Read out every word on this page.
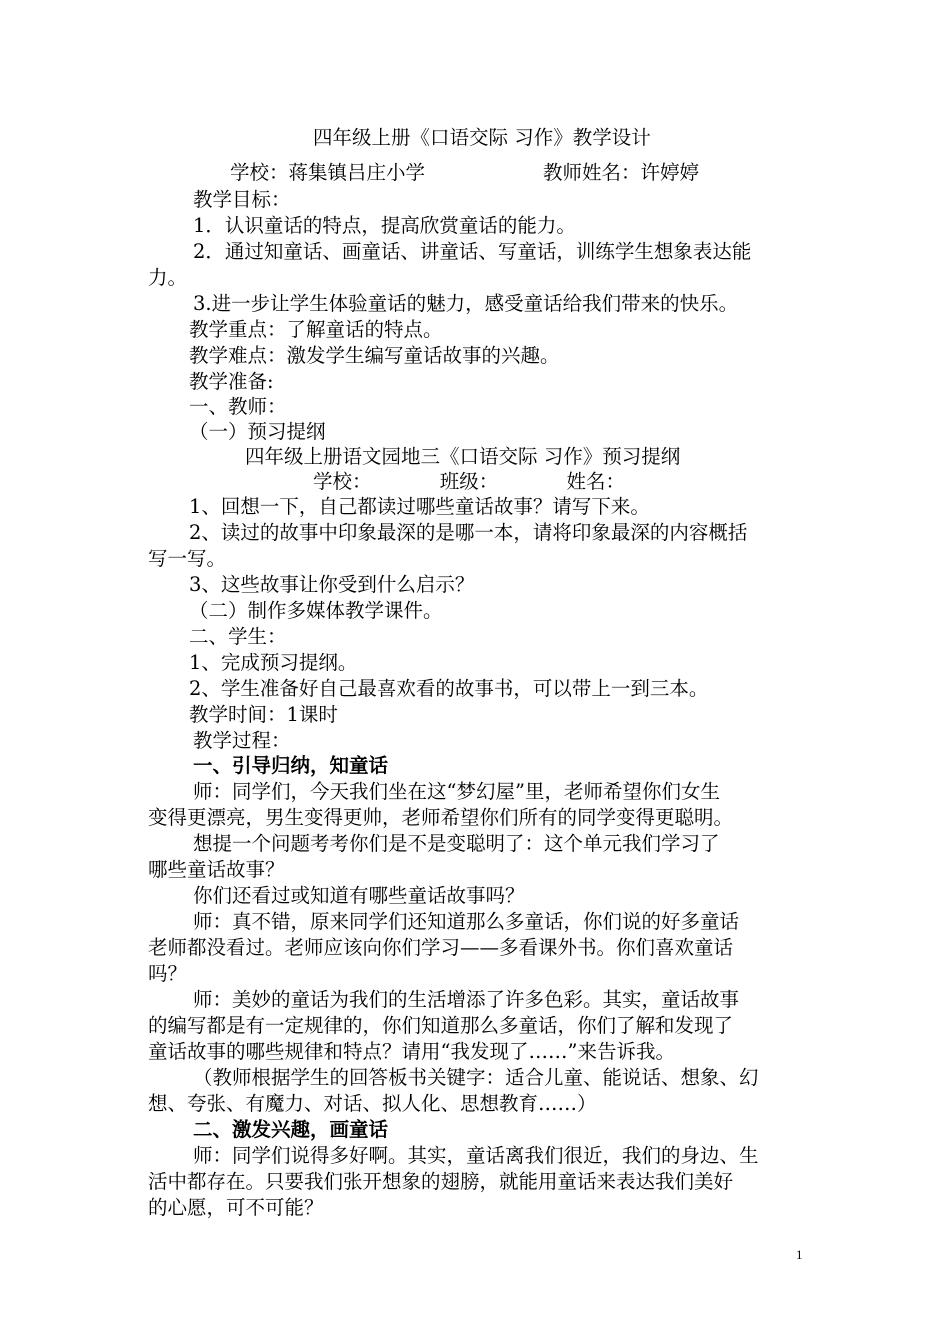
四年级上册《口语交际 习作》教学设计
学校：蒋集镇吕庄小学	教师姓名：许婷婷
教学目标：
1．认识童话的特点，提高欣赏童话的能力。
2．通过知童话、画童话、讲童话、写童话，训练学生想象表达能
力。
3.进一步让学生体验童话的魅力，感受童话给我们带来的快乐。
教学重点：了解童话的特点。
教学难点：激发学生编写童话故事的兴趣。
教学准备:
一、教师：
（一）预习提纲
四年级上册语文园地三《口语交际 习作》预习提纲
学校：　　　　班级：　　　　姓名：
1、回想一下，自己都读过哪些童话故事？请写下来。
2、读过的故事中印象最深的是哪一本，请将印象最深的内容概括
写一写。
3、这些故事让你受到什么启示？
（二）制作多媒体教学课件。
二、学生：
1、完成预习提纲。
2、学生准备好自己最喜欢看的故事书，可以带上一到三本。
教学时间：1课时
教学过程：
一、引导归纳，知童话
师：同学们，今天我们坐在这“梦幻屋”里，老师希望你们女生
变得更漂亮，男生变得更帅，老师希望你们所有的同学变得更聪明。
想提一个问题考考你们是不是变聪明了：这个单元我们学习了
哪些童话故事？
你们还看过或知道有哪些童话故事吗？
师：真不错，原来同学们还知道那么多童话，你们说的好多童话
老师都没看过。老师应该向你们学习——多看课外书。你们喜欢童话
吗？
师：美妙的童话为我们的生活增添了许多色彩。其实，童话故事
的编写都是有一定规律的，你们知道那么多童话，你们了解和发现了
童话故事的哪些规律和特点？请用“我发现了……”来告诉我。
（教师根据学生的回答板书关键字：适合儿童、能说话、想象、幻
想、夸张、有魔力、对话、拟人化、思想教育……）
二、激发兴趣，画童话
师：同学们说得多好啊。其实，童话离我们很近，我们的身边、生
活中都存在。只要我们张开想象的翅膀，就能用童话来表达我们美好
的心愿，可不可能？
1
